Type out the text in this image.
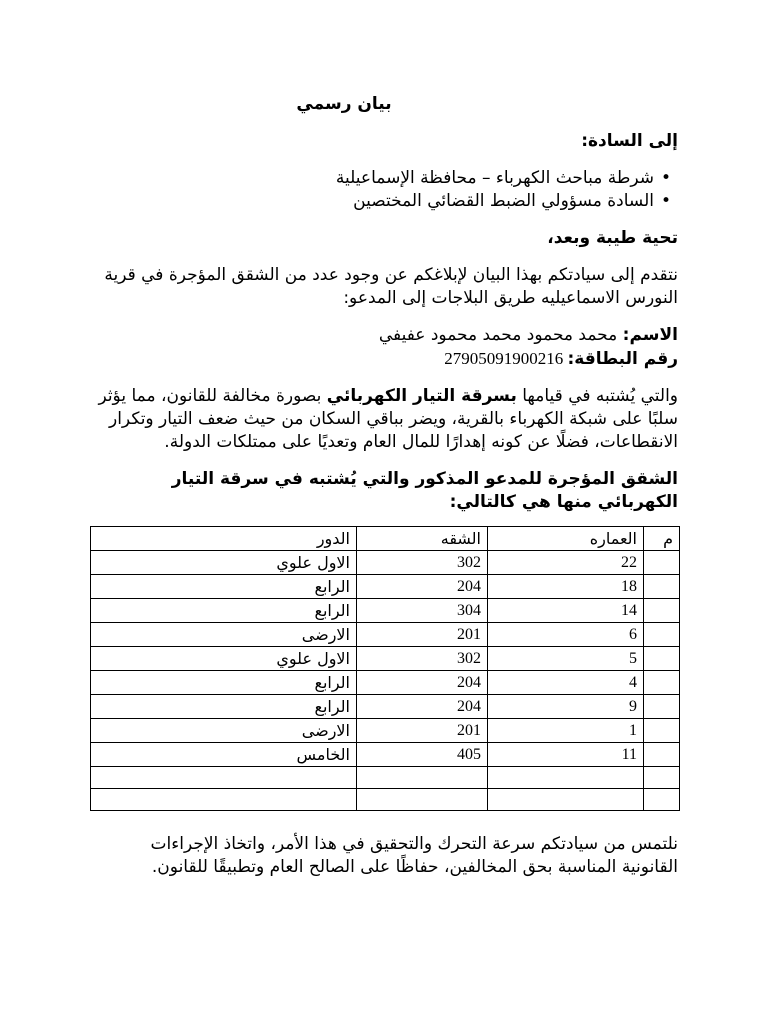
بيان رسمي

إلى السادة:

•
شرطة مباحث الكهرباء – محافظة الإسماعيلية
•
السادة مسؤولي الضبط القضائي المختصين

تحية طيبة وبعد،

نتقدم إلى سيادتكم بهذا البيان لإبلاغكم عن وجود عدد من الشقق المؤجرة في قرية النورس الاسماعيليه طريق البلاجات إلى المدعو:

الاسم: محمد محمود محمد محمود عفيفي

رقم البطاقة: 27905091900216

والتي يُشتبه في قيامها بسرقة التيار الكهربائي بصورة مخالفة للقانون، مما يؤثر سلبًا على شبكة الكهرباء بالقرية، ويضر بباقي السكان من حيث ضعف التيار وتكرار الانقطاعات، فضلًا عن كونه إهدارًا للمال العام وتعديًا على ممتلكات الدولة.

الشقق المؤجرة للمدعو المذكور والتي يُشتبه في سرقة التيار الكهربائي منها هي كالتالي:

م	العماره	الشقه	الدور
	22	302	الاول علوي
	18	204	الرابع
	14	304	الرابع
	6	201	الارضى
	5	302	الاول علوي
	4	204	الرابع
	9	204	الرابع
	1	201	الارضى
	11	405	الخامس

نلتمس من سيادتكم سرعة التحرك والتحقيق في هذا الأمر، واتخاذ الإجراءات القانونية المناسبة بحق المخالفين، حفاظًا على الصالح العام وتطبيقًا للقانون.
